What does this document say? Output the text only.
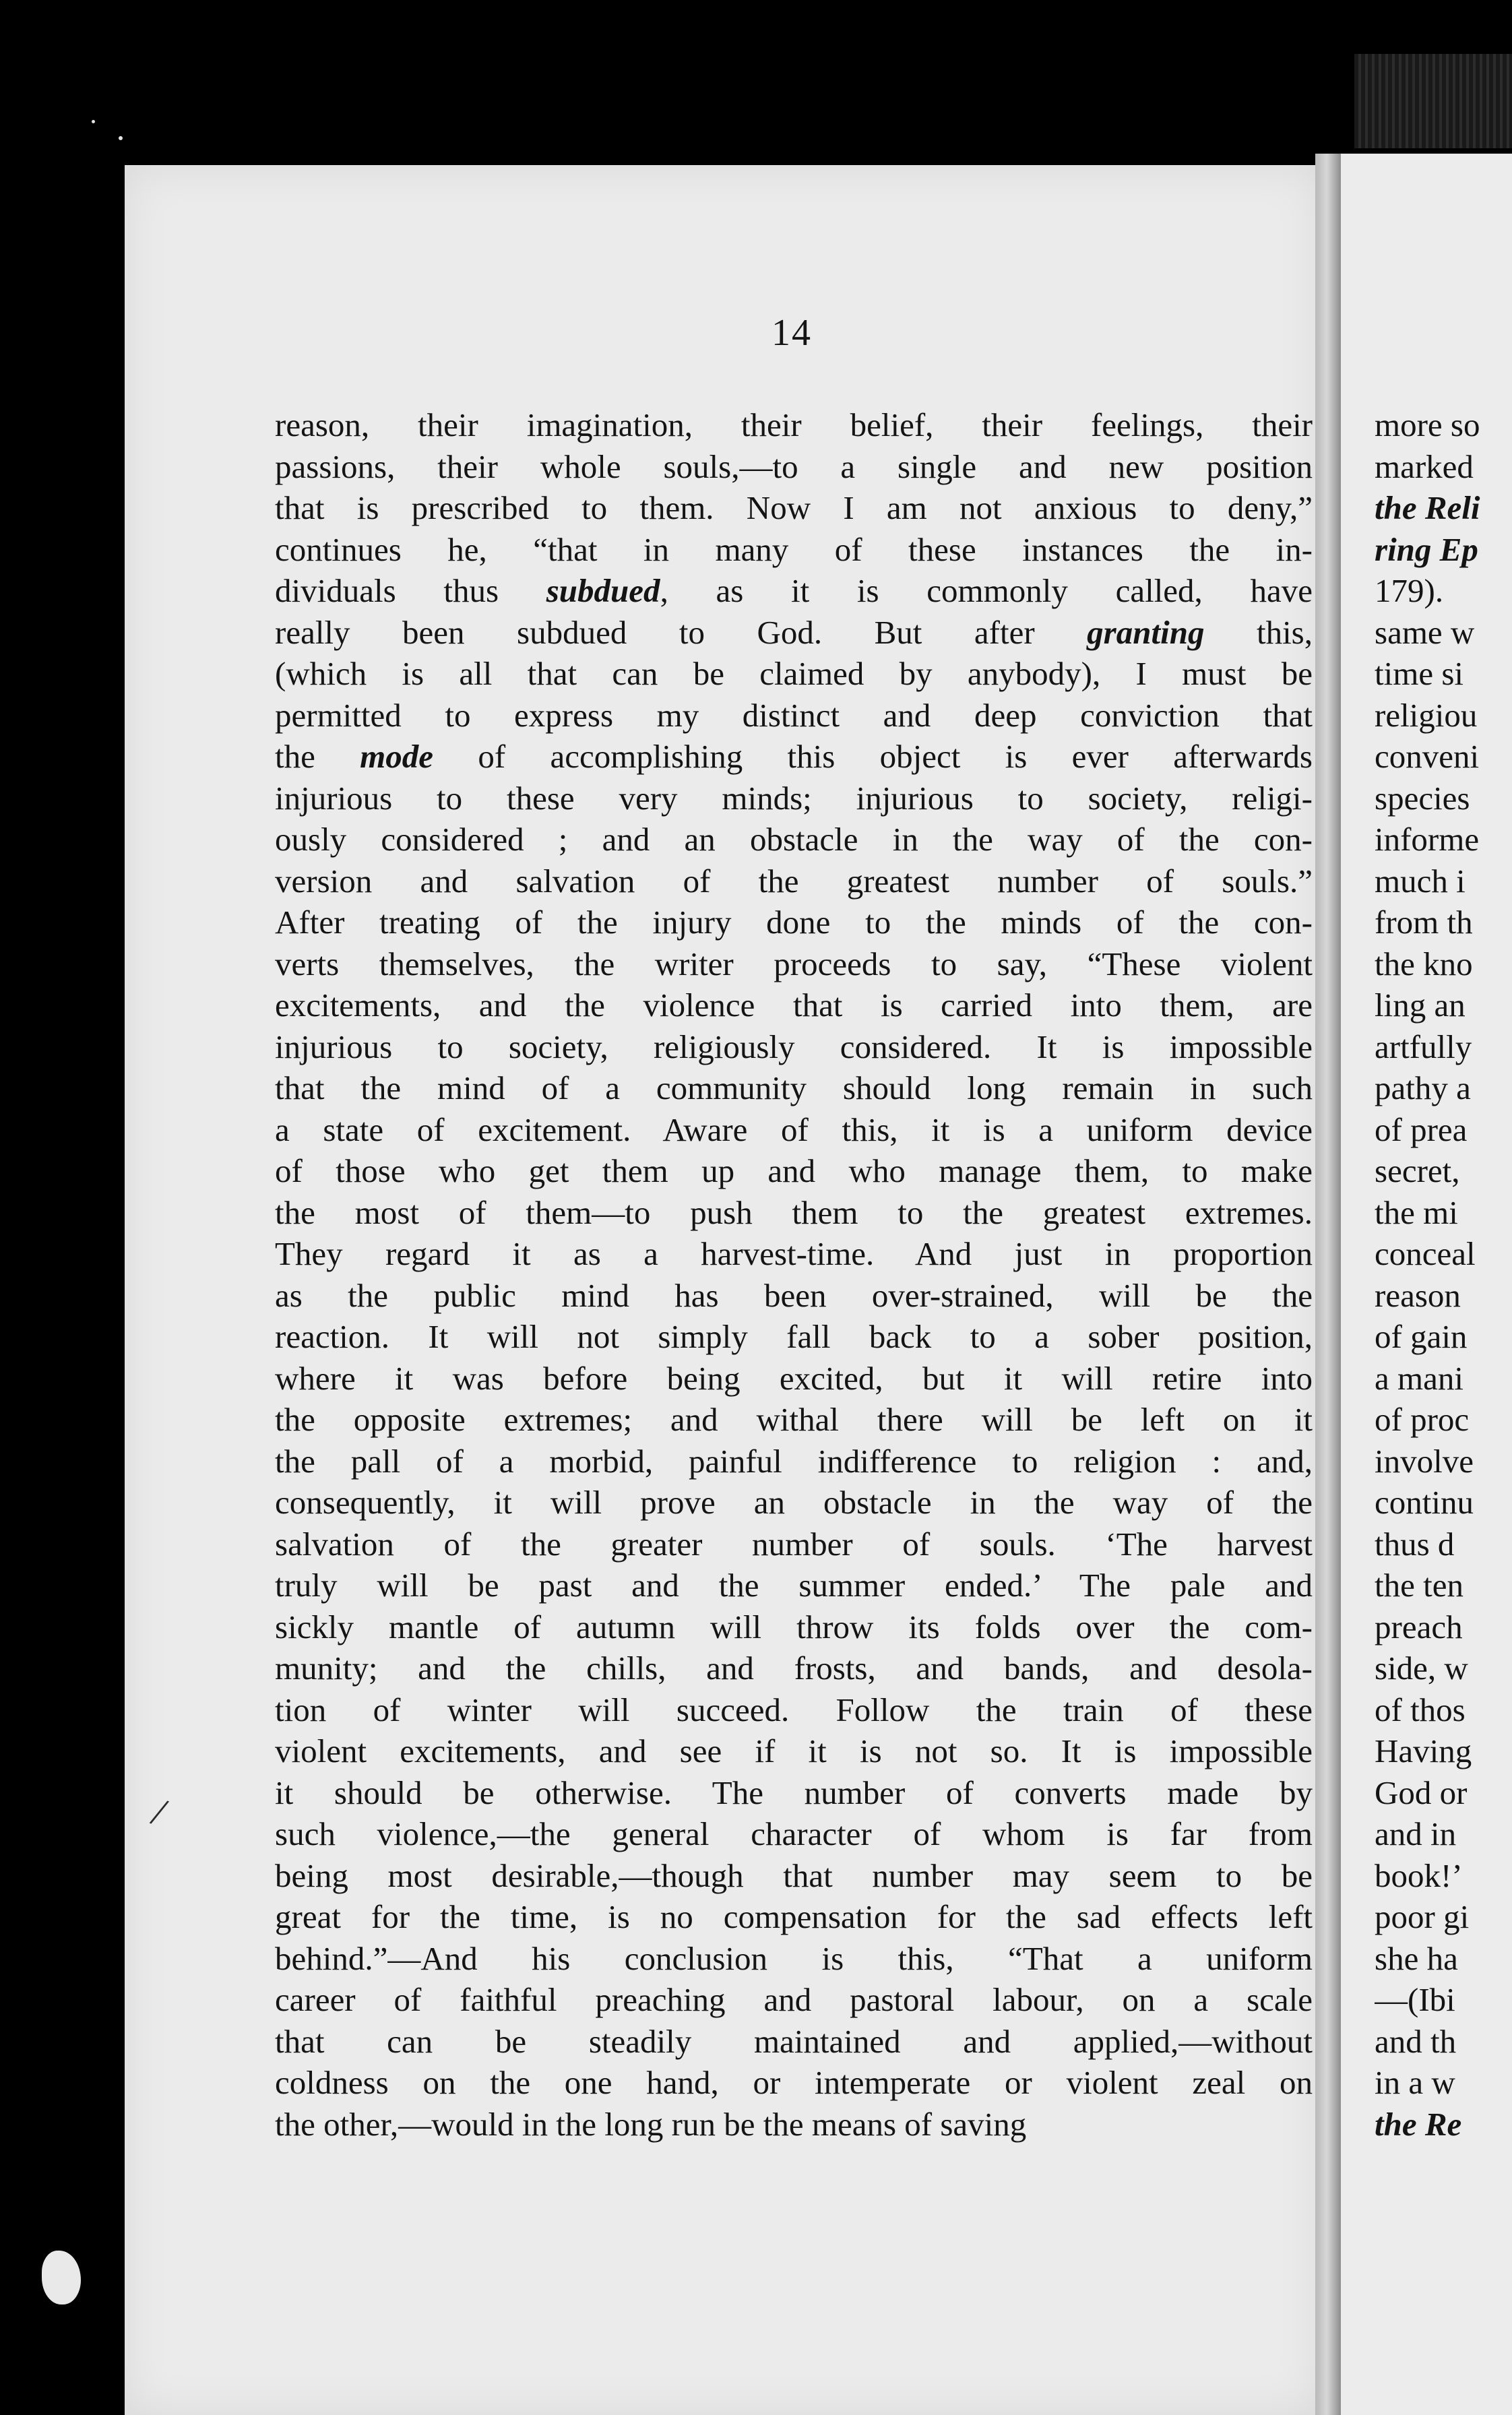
14
reason, their imagination, their belief, their feelings, their
passions, their whole souls,—to a single and new position
that is prescribed to them. Now I am not anxious to deny,”
continues he, “that in many of these instances the in-
dividuals thus subdued, as it is commonly called, have
really been subdued to God. But after granting this,
(which is all that can be claimed by anybody), I must be
permitted to express my distinct and deep conviction that
the mode of accomplishing this object is ever afterwards
injurious to these very minds; injurious to society, religi-
ously considered ; and an obstacle in the way of the con-
version and salvation of the greatest number of souls.”
After treating of the injury done to the minds of the con-
verts themselves, the writer proceeds to say, “These violent
excitements, and the violence that is carried into them, are
injurious to society, religiously considered. It is impossible
that the mind of a community should long remain in such
a state of excitement. Aware of this, it is a uniform device
of those who get them up and who manage them, to make
the most of them—to push them to the greatest extremes.
They regard it as a harvest-time. And just in proportion
as the public mind has been over-strained, will be the
reaction. It will not simply fall back to a sober position,
where it was before being excited, but it will retire into
the opposite extremes; and withal there will be left on it
the pall of a morbid, painful indifference to religion : and,
consequently, it will prove an obstacle in the way of the
salvation of the greater number of souls. ‘The harvest
truly will be past and the summer ended.’ The pale and
sickly mantle of autumn will throw its folds over the com-
munity; and the chills, and frosts, and bands, and desola-
tion of winter will succeed. Follow the train of these
violent excitements, and see if it is not so. It is impossible
it should be otherwise. The number of converts made by
such violence,—the general character of whom is far from
being most desirable,—though that number may seem to be
great for the time, is no compensation for the sad effects left
behind.”—And his conclusion is this, “That a uniform
career of faithful preaching and pastoral labour, on a scale
that can be steadily maintained and applied,—without
coldness on the one hand, or intemperate or violent zeal on
the other,—would in the long run be the means of saving
more so
marked
the Reli
ring Ep
179).
same w
time si
religiou
conveni
species
informe
much i
from th
the kno
ling an
artfully
pathy a
of prea
secret,
the mi
conceal
reason
of gain
a mani
of proc
involve
continu
thus d
the ten
preach
side, w
of thos
Having
God or
and in
book!’
poor gi
she ha
—(Ibi
and th
in a w
the Re
/
